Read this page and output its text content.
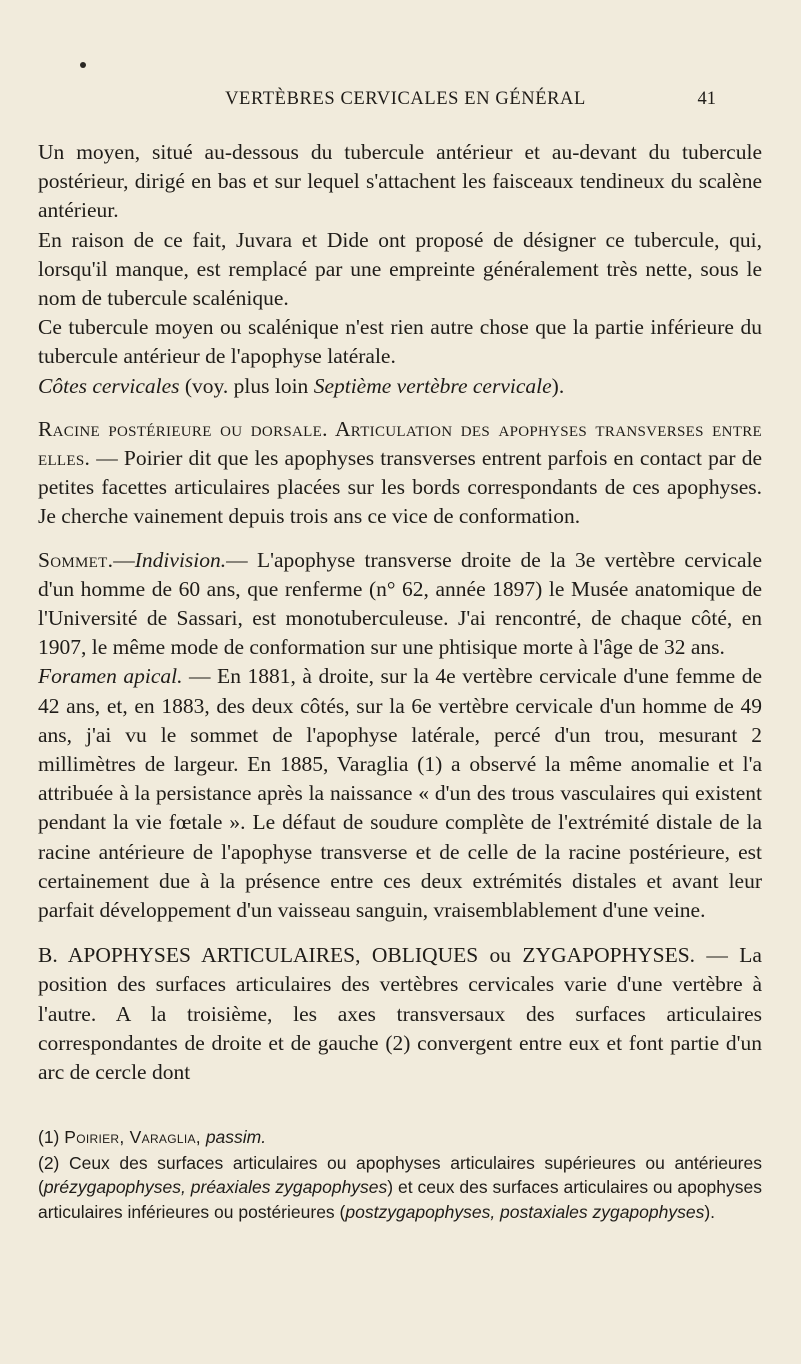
VERTÈBRES CERVICALES EN GÉNÉRAL	41

Un moyen, situé au-dessous du tubercule antérieur et au-devant du tubercule postérieur, dirigé en bas et sur lequel s'attachent les faisceaux tendineux du scalène antérieur.

En raison de ce fait, Juvara et Dide ont proposé de désigner ce tubercule, qui, lorsqu'il manque, est remplacé par une empreinte généralement très nette, sous le nom de tubercule scalénique.

Ce tubercule moyen ou scalénique n'est rien autre chose que la partie inférieure du tubercule antérieur de l'apophyse latérale.

Côtes cervicales (voy. plus loin Septième vertèbre cervicale).

Racine postérieure ou dorsale. Articulation des apophyses transverses entre elles. — Poirier dit que les apophyses transverses entrent parfois en contact par de petites facettes articulaires placées sur les bords correspondants de ces apophyses. Je cherche vainement depuis trois ans ce vice de conformation.

Sommet.—Indivision.— L'apophyse transverse droite de la 3e vertèbre cervicale d'un homme de 60 ans, que renferme (n° 62, année 1897) le Musée anatomique de l'Université de Sassari, est monotuberculeuse. J'ai rencontré, de chaque côté, en 1907, le même mode de conformation sur une phtisique morte à l'âge de 32 ans.

Foramen apical. — En 1881, à droite, sur la 4e vertèbre cervicale d'une femme de 42 ans, et, en 1883, des deux côtés, sur la 6e vertèbre cervicale d'un homme de 49 ans, j'ai vu le sommet de l'apophyse latérale, percé d'un trou, mesurant 2 millimètres de largeur. En 1885, Varaglia (1) a observé la même anomalie et l'a attribuée à la persistance après la naissance « d'un des trous vasculaires qui existent pendant la vie fœtale ». Le défaut de soudure complète de l'extrémité distale de la racine antérieure de l'apophyse transverse et de celle de la racine postérieure, est certainement due à la présence entre ces deux extrémités distales et avant leur parfait développement d'un vaisseau sanguin, vraisemblablement d'une veine.

B. APOPHYSES ARTICULAIRES, OBLIQUES ou ZYGAPOPHYSES. — La position des surfaces articulaires des vertèbres cervicales varie d'une vertèbre à l'autre. A la troisième, les axes transversaux des surfaces articulaires correspondantes de droite et de gauche (2) convergent entre eux et font partie d'un arc de cercle dont

(1) Poirier, Varaglia, passim.

(2) Ceux des surfaces articulaires ou apophyses articulaires supérieures ou antérieures (prézygapophyses, préaxiales zygapophyses) et ceux des surfaces articulaires ou apophyses articulaires inférieures ou postérieures (postzygapophyses, postaxiales zygapophyses).
